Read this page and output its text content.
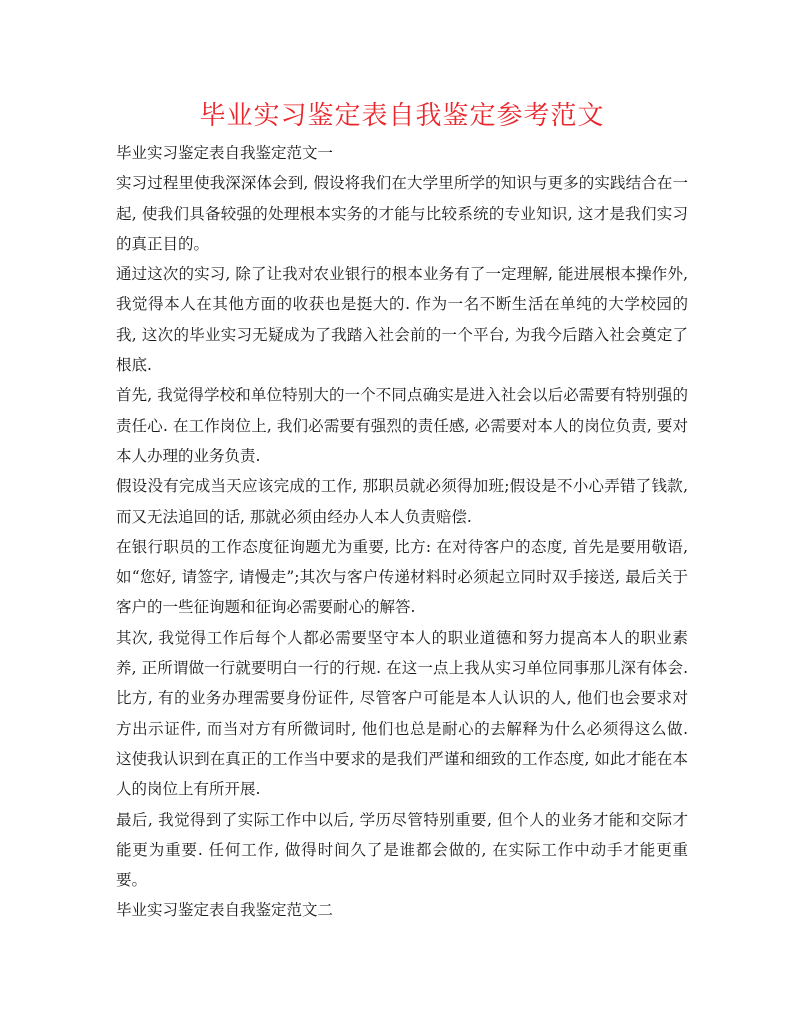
毕业实习鉴定表自我鉴定参考范文

毕业实习鉴定表自我鉴定范文一

实习过程里使我深深体会到, 假设将我们在大学里所学的知识与更多的实践结合在一起, 使我们具备较强的处理根本实务的才能与比较系统的专业知识, 这才是我们实习的真正目的。

通过这次的实习, 除了让我对农业银行的根本业务有了一定理解, 能进展根本操作外, 我觉得本人在其他方面的收获也是挺大的. 作为一名不断生活在单纯的大学校园的我, 这次的毕业实习无疑成为了我踏入社会前的一个平台, 为我今后踏入社会奠定了根底.

首先, 我觉得学校和单位特别大的一个不同点确实是进入社会以后必需要有特别强的责任心. 在工作岗位上, 我们必需要有强烈的责任感, 必需要对本人的岗位负责, 要对本人办理的业务负责.

假设没有完成当天应该完成的工作, 那职员就必须得加班;假设是不小心弄错了钱款, 而又无法追回的话, 那就必须由经办人本人负责赔偿.

在银行职员的工作态度征询题尤为重要, 比方: 在对待客户的态度, 首先是要用敬语, 如“您好, 请签字, 请慢走”;其次与客户传递材料时必须起立同时双手接送, 最后关于客户的一些征询题和征询必需要耐心的解答.

其次, 我觉得工作后每个人都必需要坚守本人的职业道德和努力提高本人的职业素养, 正所谓做一行就要明白一行的行规. 在这一点上我从实习单位同事那儿深有体会. 比方, 有的业务办理需要身份证件, 尽管客户可能是本人认识的人, 他们也会要求对方出示证件, 而当对方有所微词时, 他们也总是耐心的去解释为什么必须得这么做. 这使我认识到在真正的工作当中要求的是我们严谨和细致的工作态度, 如此才能在本人的岗位上有所开展.

最后, 我觉得到了实际工作中以后, 学历尽管特别重要, 但个人的业务才能和交际才能更为重要. 任何工作, 做得时间久了是谁都会做的, 在实际工作中动手才能更重要。

毕业实习鉴定表自我鉴定范文二
